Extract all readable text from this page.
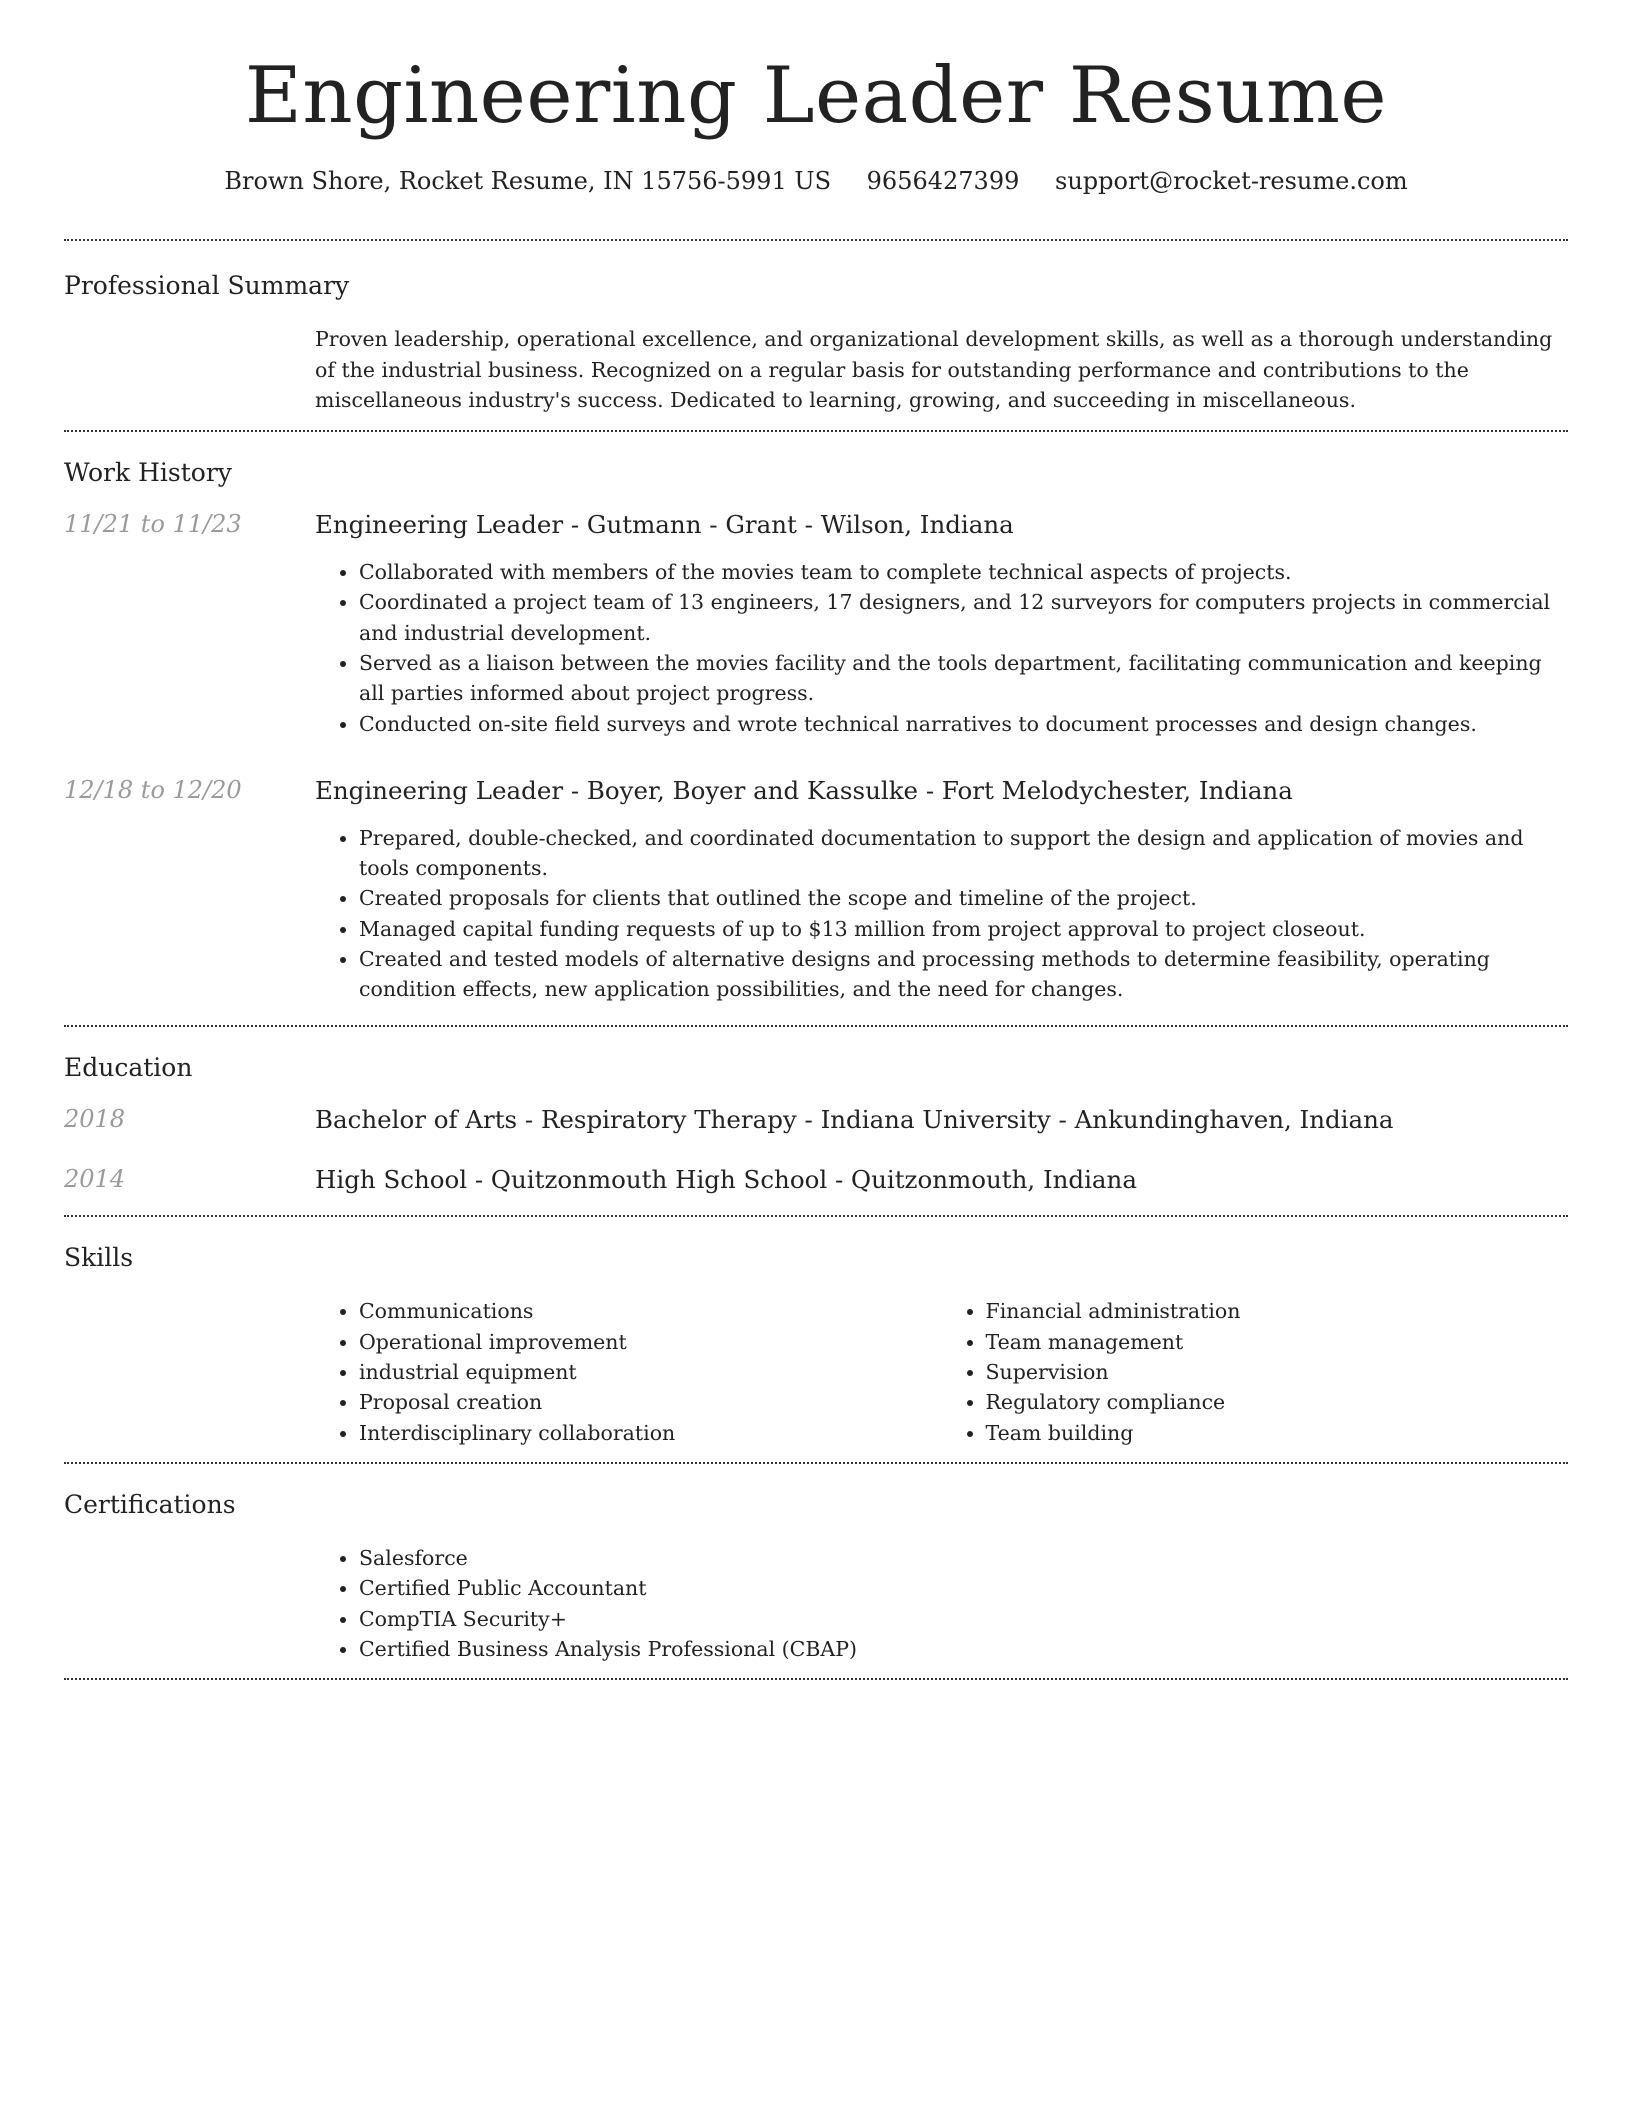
Engineering Leader Resume
Brown Shore, Rocket Resume, IN 15756-5991 US 9656427399 support@rocket-resume.com
Professional Summary

Proven leadership, operational excellence, and organizational development skills, as well as a thorough understanding of the industrial business. Recognized on a regular basis for outstanding performance and contributions to the miscellaneous industry's success. Dedicated to learning, growing, and succeeding in miscellaneous.

Work History
11/21 to 11/23	Engineering Leader - Gutmann - Grant - Wilson, Indiana
• Collaborated with members of the movies team to complete technical aspects of projects.
• Coordinated a project team of 13 engineers, 17 designers, and 12 surveyors for computers projects in commercial and industrial development.
• Served as a liaison between the movies facility and the tools department, facilitating communication and keeping all parties informed about project progress.
• Conducted on-site field surveys and wrote technical narratives to document processes and design changes.
12/18 to 12/20	Engineering Leader - Boyer, Boyer and Kassulke - Fort Melodychester, Indiana
• Prepared, double-checked, and coordinated documentation to support the design and application of movies and tools components.
• Created proposals for clients that outlined the scope and timeline of the project.
• Managed capital funding requests of up to $13 million from project approval to project closeout.
• Created and tested models of alternative designs and processing methods to determine feasibility, operating condition effects, new application possibilities, and the need for changes.
Education
2018	Bachelor of Arts - Respiratory Therapy - Indiana University - Ankundinghaven, Indiana
2014	High School - Quitzonmouth High School - Quitzonmouth, Indiana
Skills
• Communications
• Operational improvement
• industrial equipment
• Proposal creation
• Interdisciplinary collaboration
• Financial administration
• Team management
• Supervision
• Regulatory compliance
• Team building
Certifications
• Salesforce
• Certified Public Accountant
• CompTIA Security+
• Certified Business Analysis Professional (CBAP)
